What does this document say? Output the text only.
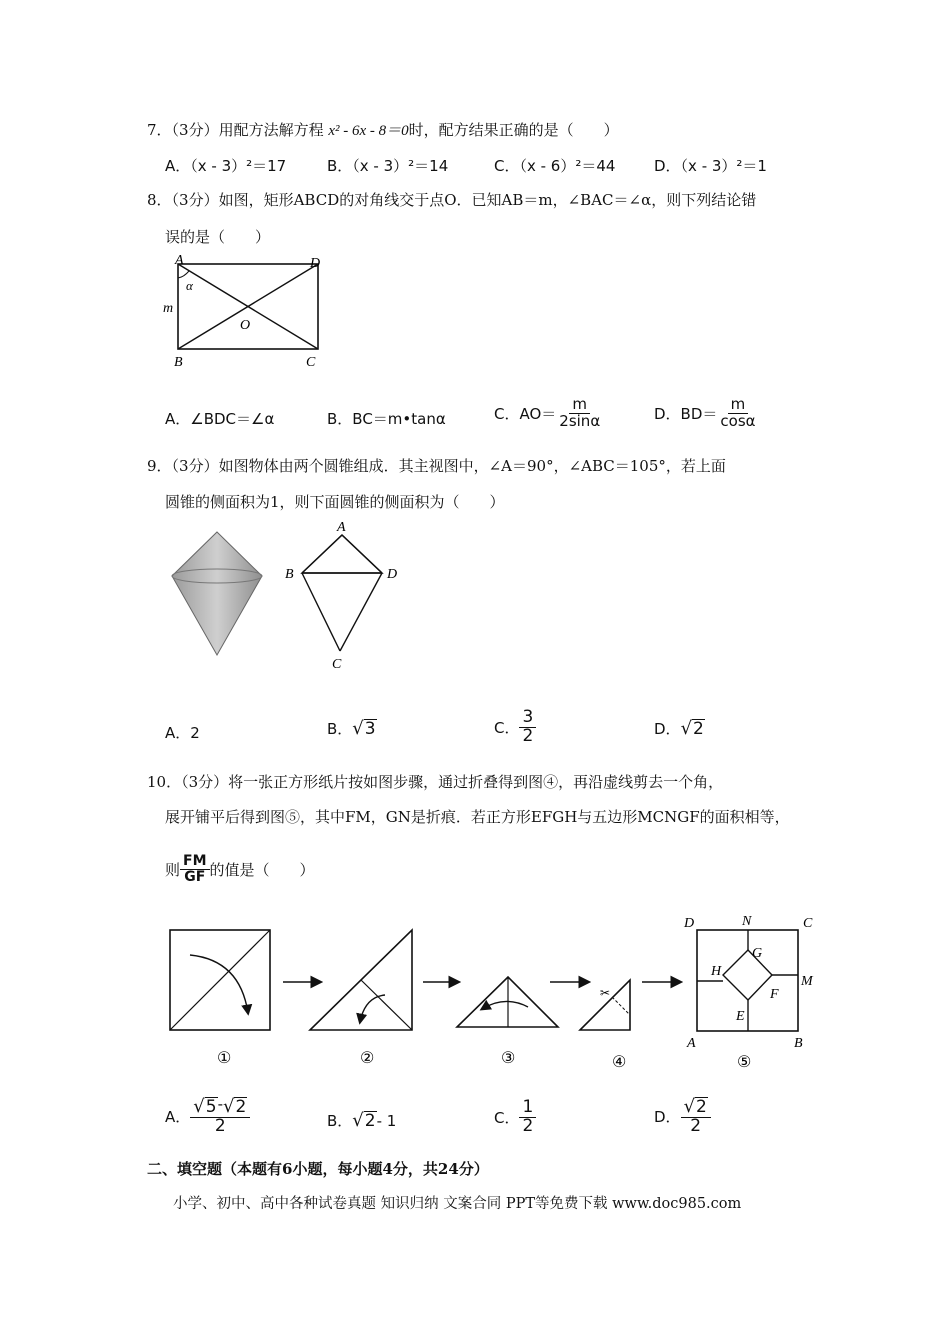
7．（3分）用配方法解方程 x² - 6x - 8＝0时，配方结果正确的是（　　）
A．（x - 3）²＝17	B．（x - 3）²＝14	C．（x - 6）²＝44	D．（x - 3）²＝1
8．（3分）如图，矩形ABCD的对角线交于点O．已知AB＝m，∠BAC＝∠α，则下列结论错
误的是（　　）
A	D
B	C
O
m
α
A．∠BDC＝∠α	B．BC＝m•tanα	C．$AO= \frac{m}{2\sin\alpha}$	D．$BD= \frac{m}{\cos\alpha}$
9．（3分）如图物体由两个圆锥组成．其主视图中，∠A＝90°，∠ABC＝105°，若上面
圆锥的侧面积为1，则下面圆锥的侧面积为（　　）
A
B	D
C
A．2	B． √ 3	C． $\frac{3}{2}$	D． √ 2
10．（3分）将一张正方形纸片按如图步骤，通过折叠得到图④，再沿虚线剪去一个角，
展开铺平后得到图⑤，其中FM，GN是折痕．若正方形EFGH与五边形MCNGF的面积相等，
则 $\frac{FM}{GF}$ 的值是（　　）
①	②	③
✂
④
D	N	C
G
H
M
F
E
A	B
⑤
A． $\frac{√ 5 - √ 2}{2}$	B． √ 2 - 1	C． $\frac{1}{2}$	D． $\frac{√ 2}{2}$
二、填空题（本题有6小题，每小题4分，共24分）
小学、初中、高中各种试卷真题 知识归纳 文案合同 PPT等免费下载 www.doc985.com
